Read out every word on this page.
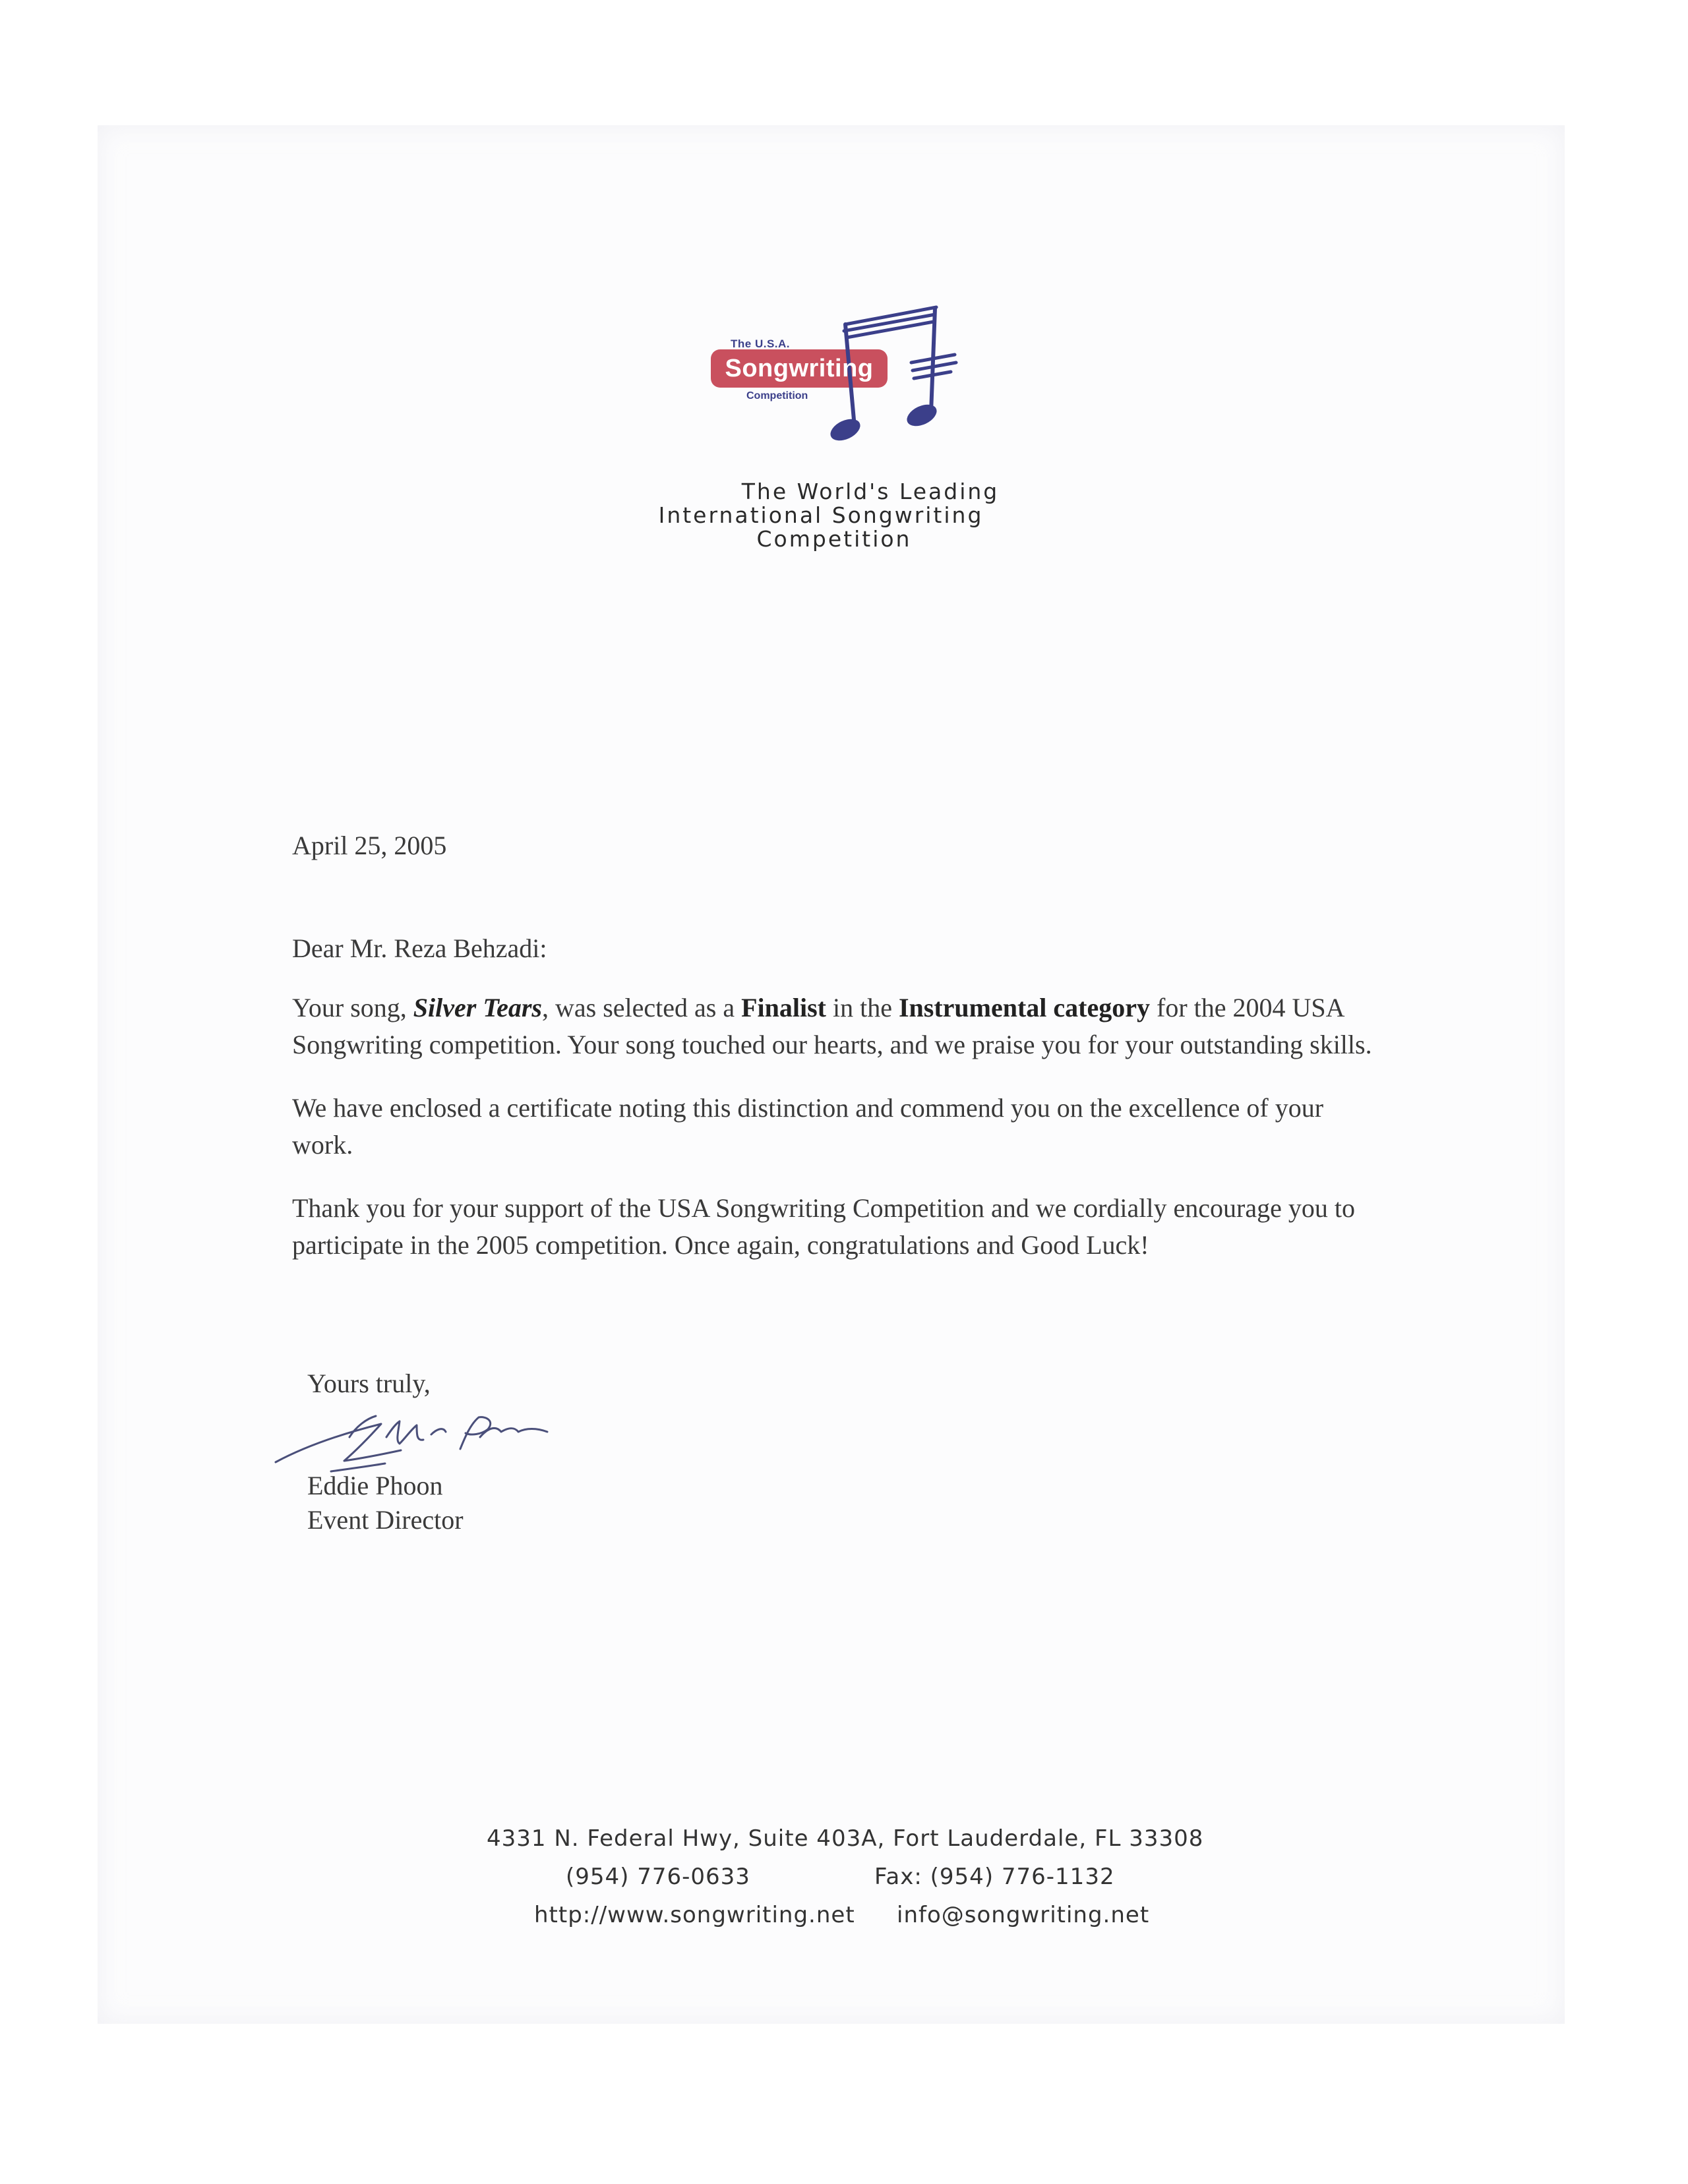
The U.S.A.
Songwriting
Competition
The World's Leading
International Songwriting
Competition

April 25, 2005

Dear Mr. Reza Behzadi:

Your song, Silver Tears, was selected as a Finalist in the Instrumental category for the 2004 USA Songwriting competition. Your song touched our hearts, and we praise you for your outstanding skills.

We have enclosed a certificate noting this distinction and commend you on the excellence of your work.

Thank you for your support of the USA Songwriting Competition and we cordially encourage you to participate in the 2005 competition. Once again, congratulations and Good Luck!

Yours truly,
Eddie Phoon
Event Director
4331 N. Federal Hwy, Suite 403A, Fort Lauderdale, FL 33308
(954) 776-0633	Fax: (954) 776-1132
http://www.songwriting.net info@songwriting.net
